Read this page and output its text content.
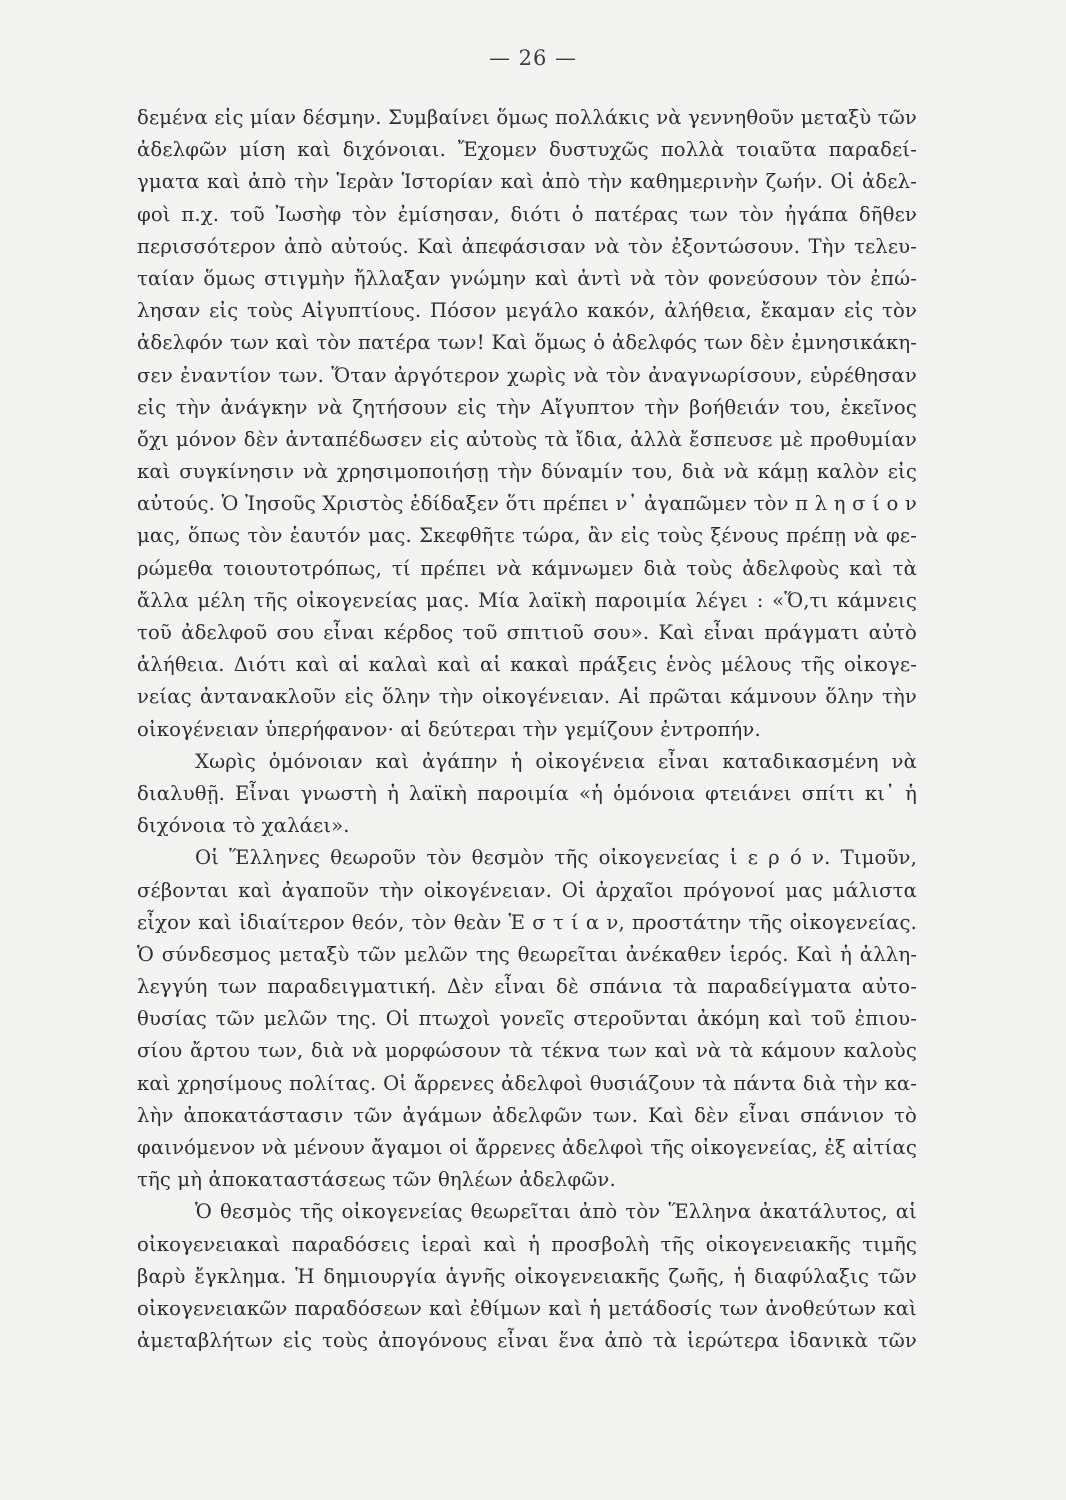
— 26 —
δεμένα εἰς μίαν δέσμην. Συμβαίνει ὅμως πολλάκις νὰ γεννηθοῦν μεταξὺ τῶν
ἀδελφῶν μίση καὶ διχόνοιαι. Ἔχομεν δυστυχῶς πολλὰ τοιαῦτα παραδεί-
γματα καὶ ἀπὸ τὴν Ἱερὰν Ἱστορίαν καὶ ἀπὸ τὴν καθημερινὴν ζωήν. Οἱ ἀδελ-
φοὶ π.χ. τοῦ Ἰωσὴφ τὸν ἐμίσησαν, διότι ὁ πατέρας των τὸν ἠγάπα δῆθεν
περισσότερον ἀπὸ αὐτούς. Καὶ ἀπεφάσισαν νὰ τὸν ἐξοντώσουν. Τὴν τελευ-
ταίαν ὅμως στιγμὴν ἤλλαξαν γνώμην καὶ ἀντὶ νὰ τὸν φονεύσουν τὸν ἐπώ-
λησαν εἰς τοὺς Αἰγυπτίους. Πόσον μεγάλο κακόν, ἀλήθεια, ἔκαμαν εἰς τὸν
ἀδελφόν των καὶ τὸν πατέρα των! Καὶ ὅμως ὁ ἀδελφός των δὲν ἐμνησικάκη-
σεν ἐναντίον των. Ὅταν ἀργότερον χωρὶς νὰ τὸν ἀναγνωρίσουν, εὑρέθησαν
εἰς τὴν ἀνάγκην νὰ ζητήσουν εἰς τὴν Αἴγυπτον τὴν βοήθειάν του, ἐκεῖνος
ὄχι μόνον δὲν ἀνταπέδωσεν εἰς αὐτοὺς τὰ ἴδια, ἀλλὰ ἔσπευσε μὲ προθυμίαν
καὶ συγκίνησιν νὰ χρησιμοποιήσῃ τὴν δύναμίν του, διὰ νὰ κάμῃ καλὸν εἰς
αὐτούς. Ὁ Ἰησοῦς Χριστὸς ἐδίδαξεν ὅτι πρέπει ν᾿ ἀγαπῶμεν τὸν π λ η σ ί ο ν
μας, ὅπως τὸν ἑαυτόν μας. Σκεφθῆτε τώρα, ἂν εἰς τοὺς ξένους πρέπῃ νὰ φε-
ρώμεθα τοιουτοτρόπως, τί πρέπει νὰ κάμνωμεν διὰ τοὺς ἀδελφοὺς καὶ τὰ
ἄλλα μέλη τῆς οἰκογενείας μας. Μία λαϊκὴ παροιμία λέγει : «Ὅ,τι κάμνεις
τοῦ ἀδελφοῦ σου εἶναι κέρδος τοῦ σπιτιοῦ σου». Καὶ εἶναι πράγματι αὐτὸ
ἀλήθεια. Διότι καὶ αἱ καλαὶ καὶ αἱ κακαὶ πράξεις ἑνὸς μέλους τῆς οἰκογε-
νείας ἀντανακλοῦν εἰς ὅλην τὴν οἰκογένειαν. Αἱ πρῶται κάμνουν ὅλην τὴν
οἰκογένειαν ὑπερήφανον· αἱ δεύτεραι τὴν γεμίζουν ἐντροπήν.
Χωρὶς ὁμόνοιαν καὶ ἀγάπην ἡ οἰκογένεια εἶναι καταδικασμένη νὰ
διαλυθῇ. Εἶναι γνωστὴ ἡ λαϊκὴ παροιμία «ἡ ὁμόνοια φτειάνει σπίτι κι᾿ ἡ
διχόνοια τὸ χαλάει».
Οἱ Ἕλληνες θεωροῦν τὸν θεσμὸν τῆς οἰκογενείας ἱ ε ρ ό ν. Τιμοῦν,
σέβονται καὶ ἀγαποῦν τὴν οἰκογένειαν. Οἱ ἀρχαῖοι πρόγονοί μας μάλιστα
εἶχον καὶ ἰδιαίτερον θεόν, τὸν θεὰν Ἑ σ τ ί α ν, προστάτην τῆς οἰκογενείας.
Ὁ σύνδεσμος μεταξὺ τῶν μελῶν της θεωρεῖται ἀνέκαθεν ἱερός. Καὶ ἡ ἀλλη-
λεγγύη των παραδειγματική. Δὲν εἶναι δὲ σπάνια τὰ παραδείγματα αὐτο-
θυσίας τῶν μελῶν της. Οἱ πτωχοὶ γονεῖς στεροῦνται ἀκόμη καὶ τοῦ ἐπιου-
σίου ἄρτου των, διὰ νὰ μορφώσουν τὰ τέκνα των καὶ νὰ τὰ κάμουν καλοὺς
καὶ χρησίμους πολίτας. Οἱ ἄρρενες ἀδελφοὶ θυσιάζουν τὰ πάντα διὰ τὴν κα-
λὴν ἀποκατάστασιν τῶν ἀγάμων ἀδελφῶν των. Καὶ δὲν εἶναι σπάνιον τὸ
φαινόμενον νὰ μένουν ἄγαμοι οἱ ἄρρενες ἀδελφοὶ τῆς οἰκογενείας, ἐξ αἰτίας
τῆς μὴ ἀποκαταστάσεως τῶν θηλέων ἀδελφῶν.
Ὁ θεσμὸς τῆς οἰκογενείας θεωρεῖται ἀπὸ τὸν Ἕλληνα ἀκατάλυτος, αἱ
οἰκογενειακαὶ παραδόσεις ἱεραὶ καὶ ἡ προσβολὴ τῆς οἰκογενειακῆς τιμῆς
βαρὺ ἔγκλημα. Ἡ δημιουργία ἁγνῆς οἰκογενειακῆς ζωῆς, ἡ διαφύλαξις τῶν
οἰκογενειακῶν παραδόσεων καὶ ἐθίμων καὶ ἡ μετάδοσίς των ἀνοθεύτων καὶ
ἀμεταβλήτων εἰς τοὺς ἀπογόνους εἶναι ἕνα ἀπὸ τὰ ἱερώτερα ἰδανικὰ τῶν
